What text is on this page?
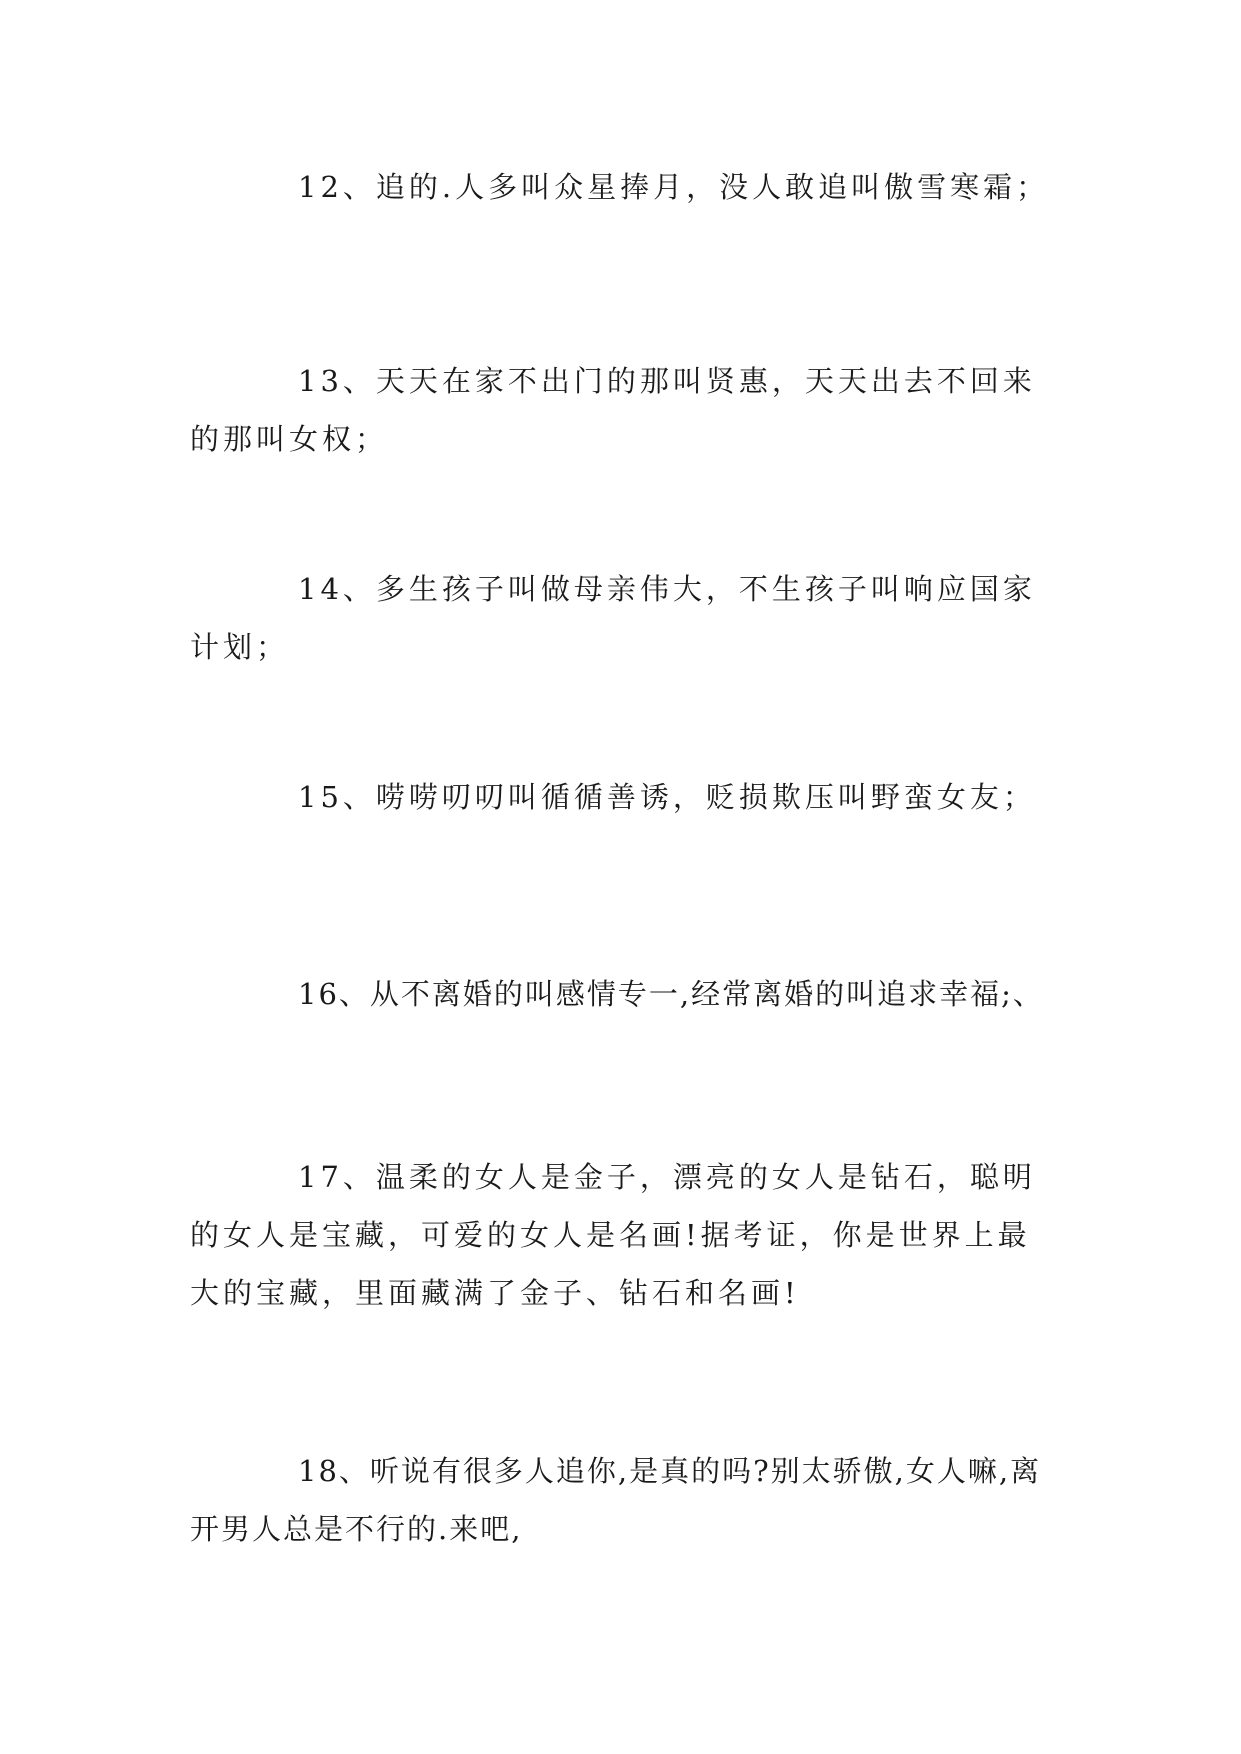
12、追的.人多叫众星捧月，没人敢追叫傲雪寒霜；

13、天天在家不出门的那叫贤惠，天天出去不回来的那叫女权；

14、多生孩子叫做母亲伟大，不生孩子叫响应国家计划；

15、唠唠叨叨叫循循善诱，贬损欺压叫野蛮女友；

16、从不离婚的叫感情专一,经常离婚的叫追求幸福;、

17、温柔的女人是金子，漂亮的女人是钻石，聪明的女人是宝藏，可爱的女人是名画!据考证，你是世界上最大的宝藏，里面藏满了金子、钻石和名画!

18、听说有很多人追你,是真的吗?别太骄傲,女人嘛,离开男人总是不行的.来吧,
